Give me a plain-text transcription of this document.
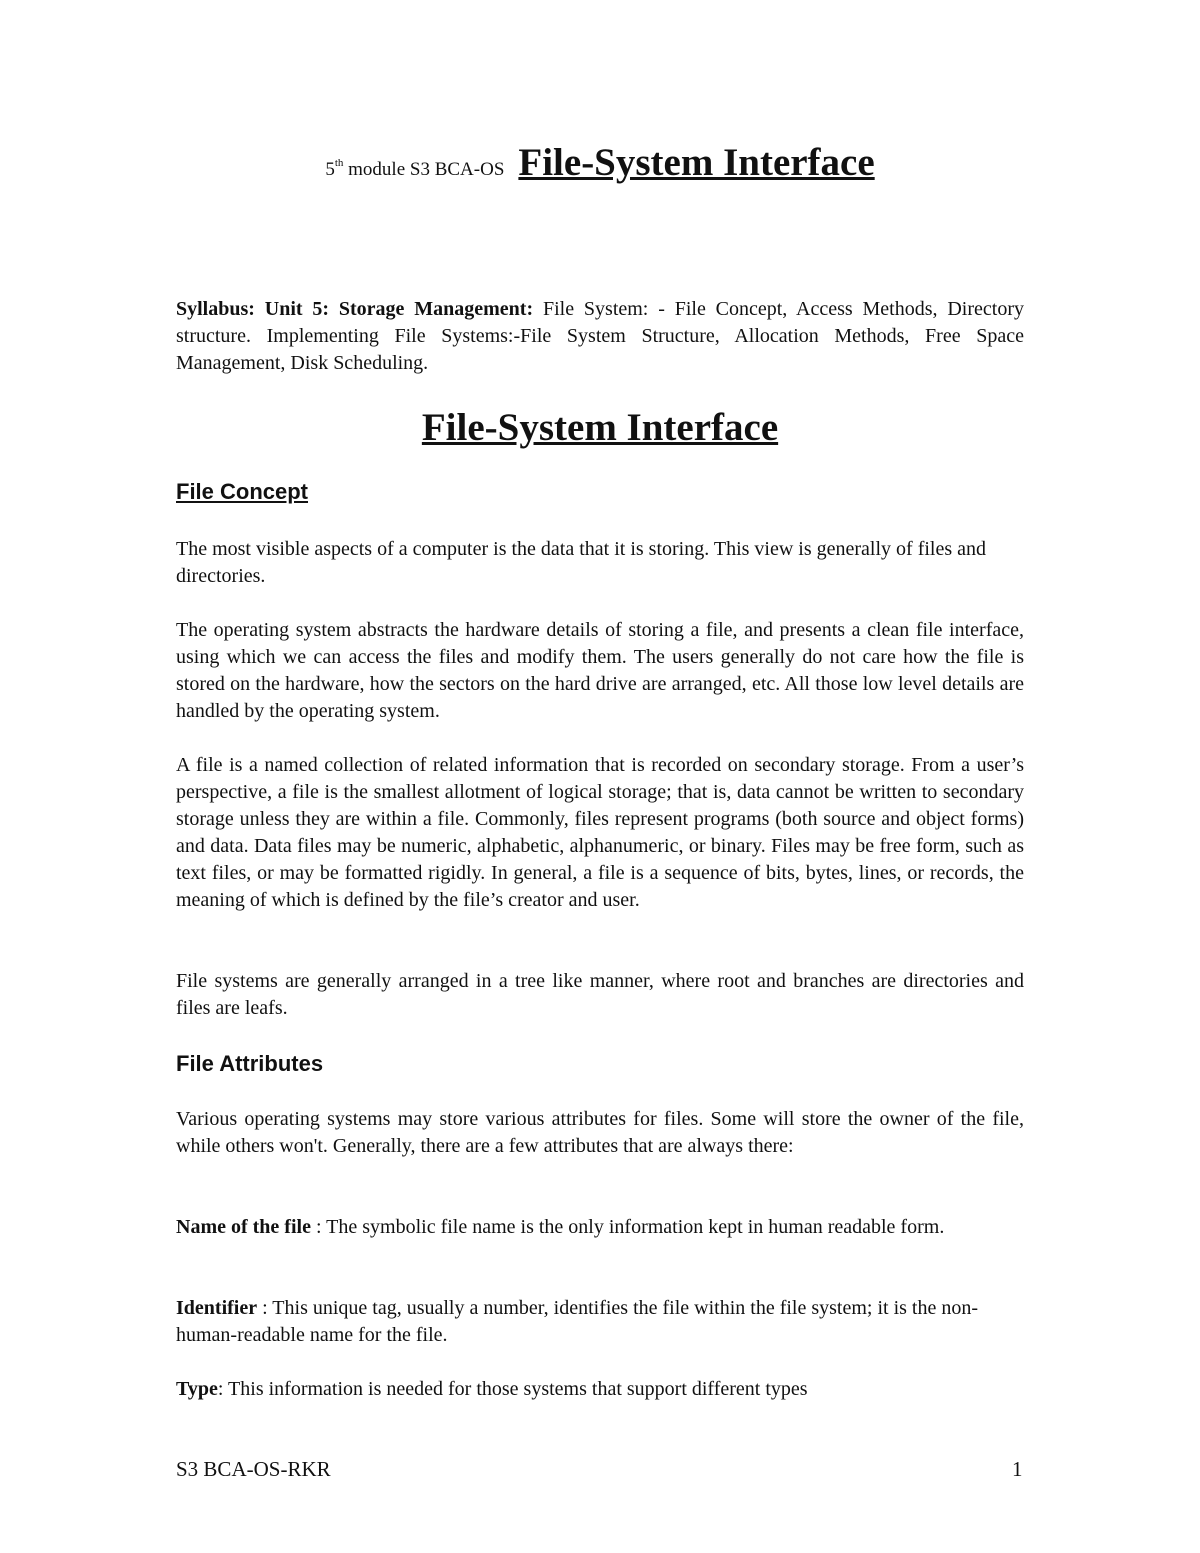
5th module S3 BCA-OS File-System Interface

Syllabus: Unit 5: Storage Management: File System: - File Concept, Access Methods, Directory structure. Implementing File Systems:-File System Structure, Allocation Methods, Free Space Management, Disk Scheduling.

File-System Interface
File Concept

The most visible aspects of a computer is the data that it is storing. This view is generally of files and directories.

The operating system abstracts the hardware details of storing a file, and presents a clean file interface, using which we can access the files and modify them. The users generally do not care how the file is stored on the hardware, how the sectors on the hard drive are arranged, etc. All those low level details are handled by the operating system.

A file is a named collection of related information that is recorded on secondary storage. From a user’s perspective, a file is the smallest allotment of logical storage; that is, data cannot be written to secondary storage unless they are within a file. Commonly, files represent programs (both source and object forms) and data. Data files may be numeric, alphabetic, alphanumeric, or binary. Files may be free form, such as text files, or may be formatted rigidly. In general, a file is a sequence of bits, bytes, lines, or records, the meaning of which is defined by the file’s creator and user.

File systems are generally arranged in a tree like manner, where root and branches are directories and files are leafs.

File Attributes

Various operating systems may store various attributes for files. Some will store the owner of the file, while others won't. Generally, there are a few attributes that are always there:

Name of the file : The symbolic file name is the only information kept in human readable form.

Identifier : This unique tag, usually a number, identifies the file within the file system; it is the non-human-readable name for the file.

Type: This information is needed for those systems that support different types

S3 BCA-OS-RKR	1
